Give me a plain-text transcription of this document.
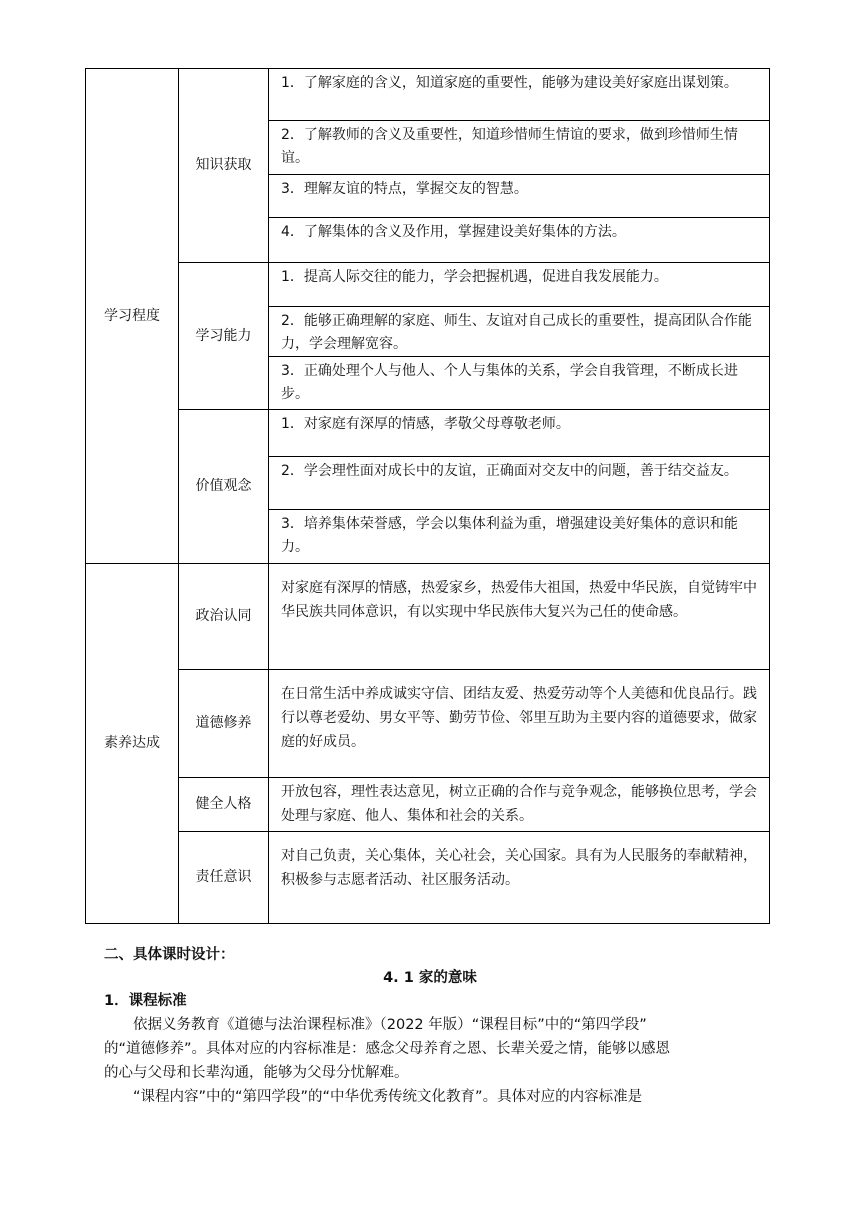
学习程度
知识获取
学习能力
价值观念
1．了解家庭的含义，知道家庭的重要性，能够为建设美好家庭出谋划策。
2．了解教师的含义及重要性，知道珍惜师生情谊的要求，做到珍惜师生情谊。
3．理解友谊的特点，掌握交友的智慧。
4．了解集体的含义及作用，掌握建设美好集体的方法。
1．提高人际交往的能力，学会把握机遇，促进自我发展能力。
2．能够正确理解的家庭、师生、友谊对自己成长的重要性，提高团队合作能力，学会理解宽容。
3．正确处理个人与他人、个人与集体的关系，学会自我管理，不断成长进步。
1．对家庭有深厚的情感，孝敬父母尊敬老师。
2．学会理性面对成长中的友谊，正确面对交友中的问题，善于结交益友。
3．培养集体荣誉感，学会以集体利益为重，增强建设美好集体的意识和能力。
素养达成
政治认同
对家庭有深厚的情感，热爱家乡，热爱伟大祖国，热爱中华民族，自觉铸牢中华民族共同体意识，有以实现中华民族伟大复兴为己任的使命感。
道德修养
在日常生活中养成诚实守信、团结友爱、热爱劳动等个人美德和优良品行。践行以尊老爱幼、男女平等、勤劳节俭、邻里互助为主要内容的道德要求，做家庭的好成员。
健全人格
开放包容，理性表达意见，树立正确的合作与竞争观念，能够换位思考，学会处理与家庭、他人、集体和社会的关系。
责任意识
对自己负责，关心集体，关心社会，关心国家。具有为人民服务的奉献精神，积极参与志愿者活动、社区服务活动。
二、具体课时设计：
4. 1 家的意味
1．课程标准
依据义务教育《道德与法治课程标准》（2022 年版）“课程目标”中的“第四学段”
的“道德修养”。具体对应的内容标准是：感念父母养育之恩、长辈关爱之情，能够以感恩
的心与父母和长辈沟通，能够为父母分忧解难。
“课程内容”中的“第四学段”的“中华优秀传统文化教育”。具体对应的内容标准是
